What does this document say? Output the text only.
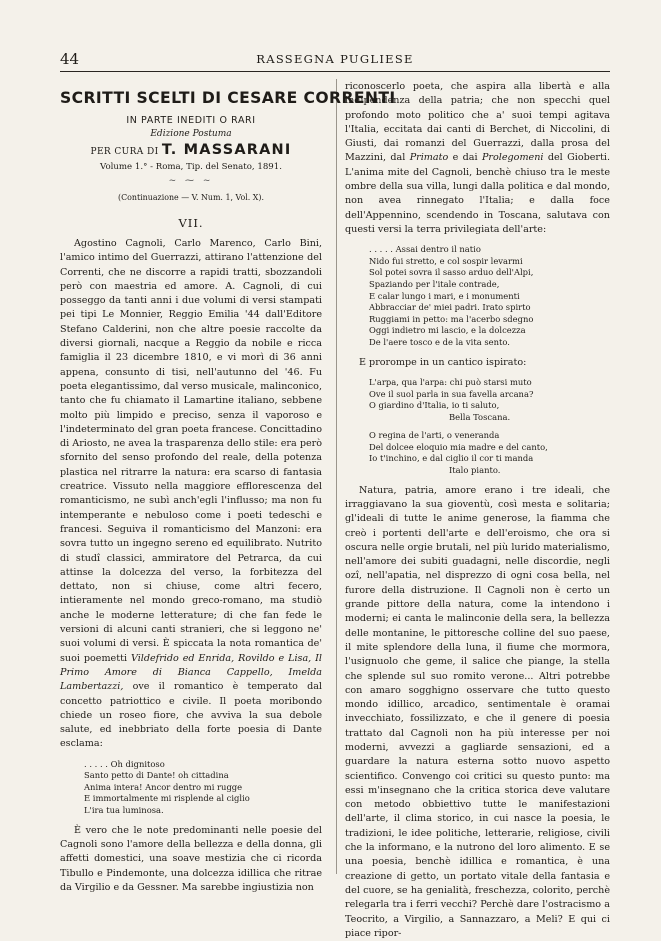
44	RASSEGNA PUGLIESE
SCRITTI SCELTI DI CESARE CORRENTI
IN PARTE INEDITI O RARI
Edizione Postuma
PER CURA DI T. MASSARANI
Volume 1.° - Roma, Tip. del Senato, 1891.
~ ⁓ ~
(Continuazione — V. Num. 1, Vol. X).
VII.

Agostino Cagnoli, Carlo Marenco, Carlo Bini, l'amico intimo del Guerrazzi, attirano l'attenzione del Correnti, che ne discorre a rapidi tratti, sbozzandoli però con maestria ed amore. A. Cagnoli, di cui posseggo da tanti anni i due volumi di versi stampati pei tipi Le Monnier, Reggio Emilia '44 dall'Editore Stefano Calderini, non che altre poesie raccolte da diversi giornali, nacque a Reggio da nobile e ricca famiglia il 23 dicembre 1810, e vi morì di 36 anni appena, consunto di tisi, nell'autunno del '46. Fu poeta elegantissimo, dal verso musicale, malinconico, tanto che fu chiamato il Lamartine italiano, sebbene molto più limpido e preciso, senza il vaporoso e l'indeterminato del gran poeta francese. Concittadino di Ariosto, ne avea la trasparenza dello stile: era però sfornito del senso profondo del reale, della potenza plastica nel ritrarre la natura: era scarso di fantasia creatrice. Vissuto nella maggiore efflorescenza del romanticismo, ne subì anch'egli l'influsso; ma non fu intemperante e nebuloso come i poeti tedeschi e francesi. Seguiva il romanticismo del Manzoni: era sovra tutto un ingegno sereno ed equilibrato. Nutrito di studî classici, ammiratore del Petrarca, da cui attinse la dolcezza del verso, la forbitezza del dettato, non si chiuse, come altri fecero, intieramente nel mondo greco-romano, ma studiò anche le moderne letterature; di che fan fede le versioni di alcuni canti stranieri, che si leggono ne' suoi volumi di versi. È spiccata la nota romantica de' suoi poemetti Vildefrido ed Enrida, Rovildo e Lisa, Il Primo Amore di Bianca Cappello, Imelda Lambertazzi, ove il romantico è temperato dal concetto patriottico e civile. Il poeta moribondo chiede un roseo fiore, che avviva la sua debole salute, ed inebbriato della forte poesia di Dante esclama:

. . . . . Oh dignitoso
Santo petto di Dante! oh cittadina
Anima intera! Ancor dentro mi rugge
E immortalmente mi risplende al ciglio
L'ira tua luminosa.

È vero che le note predominanti nelle poesie del Cagnoli sono l'amore della bellezza e della donna, gli affetti domestici, una soave mestizia che ci ricorda Tibullo e Pindemonte, una dolcezza idillica che ritrae da Virgilio e da Gessner. Ma sarebbe ingiustizia non

riconoscerlo poeta, che aspira alla libertà e alla indipendenza della patria; che non specchi quel profondo moto politico che a' suoi tempi agitava l'Italia, eccitata dai canti di Berchet, di Niccolini, di Giusti, dai romanzi del Guerrazzi, dalla prosa del Mazzini, dal Primato e dai Prolegomeni del Gioberti. L'anima mite del Cagnoli, benchè chiuso tra le meste ombre della sua villa, lungi dalla politica e dal mondo, non avea rinnegato l'Italia; e dalla foce dell'Appennino, scendendo in Toscana, salutava con questi versi la terra privilegiata dell'arte:

. . . . . Assai dentro il natio
Nido fui stretto, e col sospir levarmi
Sol potei sovra il sasso arduo dell'Alpi,
Spaziando per l'itale contrade,
E calar lungo i mari, e i monumenti
Abbracciar de' miei padri. Irato spirto
Ruggiami in petto: ma l'acerbo sdegno
Oggi indietro mi lascio, e la dolcezza
De l'aere tosco e de la vita sento.

E prorompe in un cantico ispirato:

L'arpa, qua l'arpa: chi può starsi muto
Ove il suol parla in sua favella arcana?
O giardino d'Italia, io ti saluto,
Bella Toscana.
O regina de l'arti, o veneranda
Del dolcee eloquio mia madre e del canto,
Io t'inchino, e dal ciglio il cor ti manda
Italo pianto.

Natura, patria, amore erano i tre ideali, che irraggiavano la sua gioventù, così mesta e solitaria; gl'ideali di tutte le anime generose, la fiamma che creò i portenti dell'arte e dell'eroismo, che ora si oscura nelle orgie brutali, nel più lurido materialismo, nell'amore dei subiti guadagni, nelle discordie, negli ozî, nell'apatia, nel disprezzo di ogni cosa bella, nel furore della distruzione. Il Cagnoli non è certo un grande pittore della natura, come la intendono i moderni; ei canta le malinconie della sera, la bellezza delle montanine, le pittoresche colline del suo paese, il mite splendore della luna, il fiume che mormora, l'usignuolo che geme, il salice che piange, la stella che splende sul suo romito verone... Altri potrebbe con amaro sogghigno osservare che tutto questo mondo idillico, arcadico, sentimentale è oramai invecchiato, fossilizzato, e che il genere di poesia trattato dal Cagnoli non ha più interesse per noi moderni, avvezzi a gagliarde sensazioni, ed a guardare la natura esterna sotto nuovo aspetto scientifico. Convengo coi critici su questo punto: ma essi m'insegnano che la critica storica deve valutare con metodo obbiettivo tutte le manifestazioni dell'arte, il clima storico, in cui nasce la poesia, le tradizioni, le idee politiche, letterarie, religiose, civili che la informano, e la nutrono del loro alimento. E se una poesia, benchè idillica e romantica, è una creazione di getto, un portato vitale della fantasia e del cuore, se ha genialità, freschezza, colorito, perchè relegarla tra i ferri vecchi? Perchè dare l'ostracismo a Teocrito, a Virgilio, a Sannazzaro, a Meli? E qui ci piace ripor-
